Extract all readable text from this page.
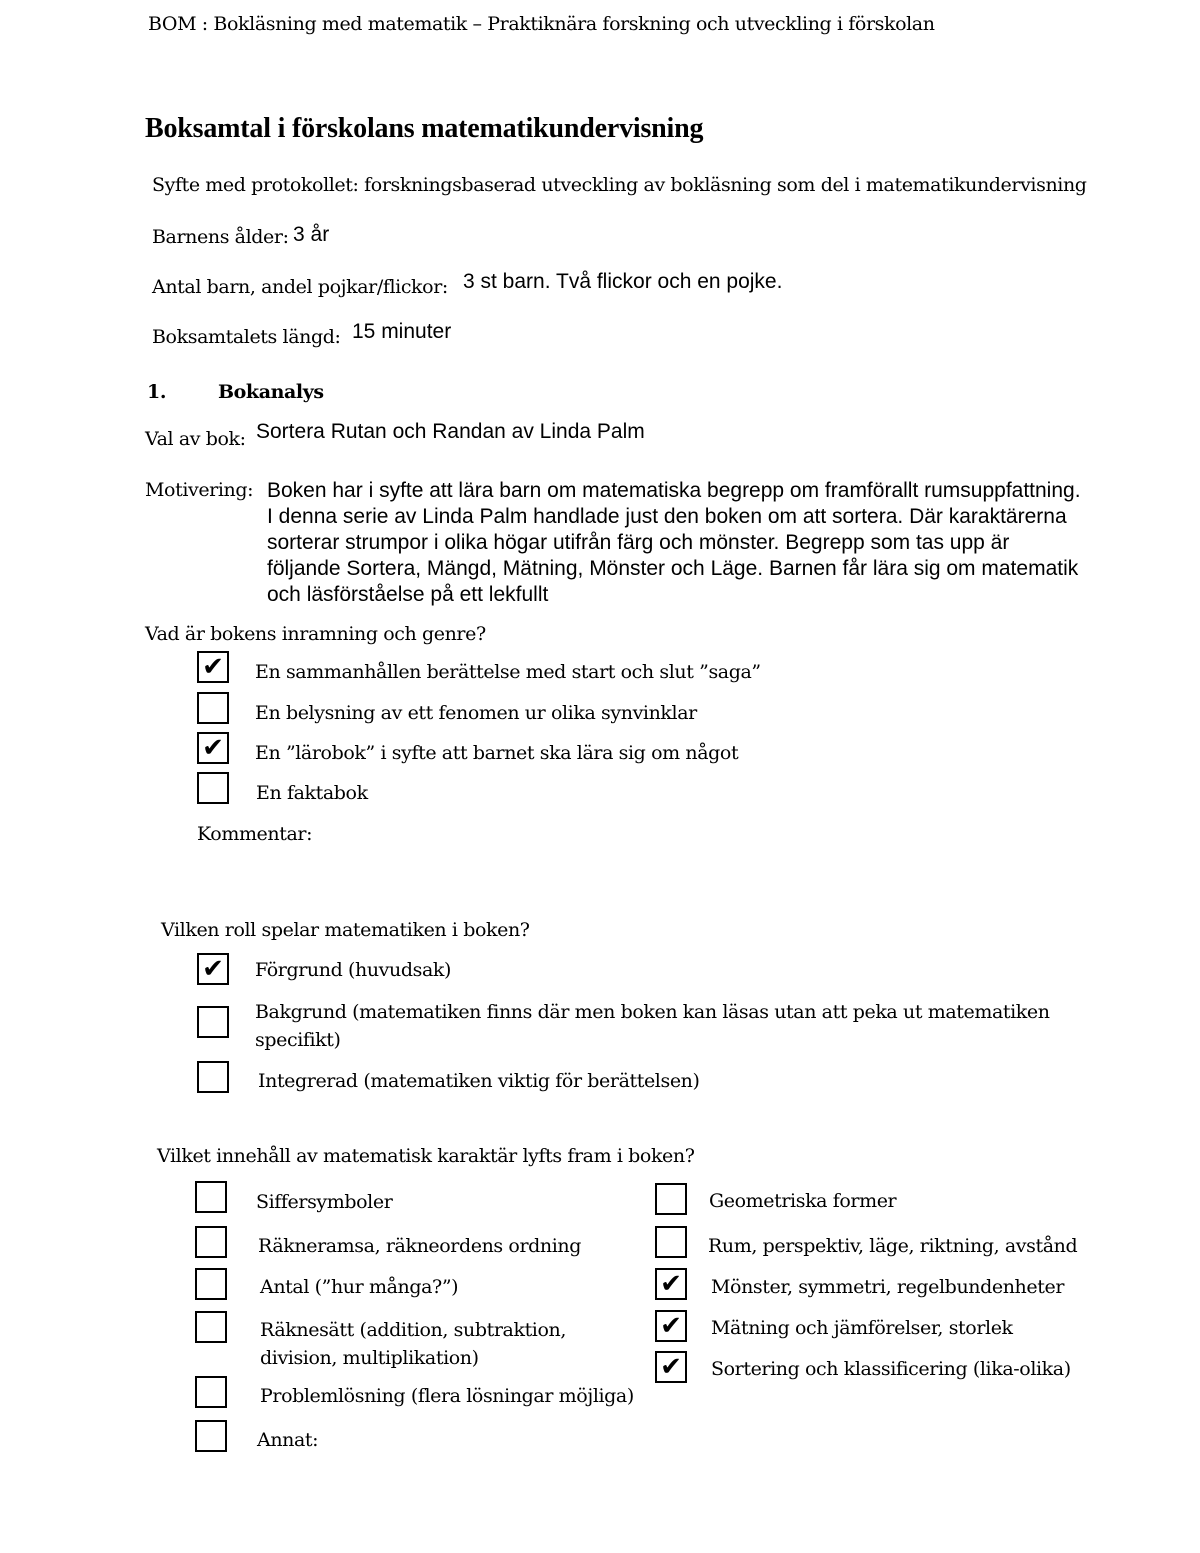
BOM : Bokläsning med matematik – Praktiknära forskning och utveckling i förskolan
Boksamtal i förskolans matematikundervisning
Syfte med protokollet: forskningsbaserad utveckling av bokläsning som del i matematikundervisning
Barnens ålder: 3 år
Antal barn, andel pojkar/flickor: 3 st barn. Två flickor och en pojke.
Boksamtalets längd: 15 minuter
1.	Bokanalys
Val av bok: Sortera Rutan och Randan av Linda Palm
Motivering: Boken har i syfte att lära barn om matematiska begrepp om framförallt rumsuppfattning. I denna serie av Linda Palm handlade just den boken om att sortera. Där karaktärerna sorterar strumpor i olika högar utifrån färg och mönster. Begrepp som tas upp är följande Sortera, Mängd, Mätning, Mönster och Läge. Barnen får lära sig om matematik och läsförståelse på ett lekfullt
Vad är bokens inramning och genre?
✔ En sammanhållen berättelse med start och slut ”saga”
En belysning av ett fenomen ur olika synvinklar
✔ En ”lärobok” i syfte att barnet ska lära sig om något
En faktabok
Kommentar:
Vilken roll spelar matematiken i boken?
✔ Förgrund (huvudsak)
Bakgrund (matematiken finns där men boken kan läsas utan att peka ut matematiken specifikt)
Integrerad (matematiken viktig för berättelsen)
Vilket innehåll av matematisk karaktär lyfts fram i boken?
Siffersymboler
Räkneramsa, räkneordens ordning
Antal (”hur många?”)
Räknesätt (addition, subtraktion, division, multiplikation)
Problemlösning (flera lösningar möjliga)
Annat:
Geometriska former
Rum, perspektiv, läge, riktning, avstånd
✔ Mönster, symmetri, regelbundenheter
✔ Mätning och jämförelser, storlek
✔ Sortering och klassificering (lika-olika)
